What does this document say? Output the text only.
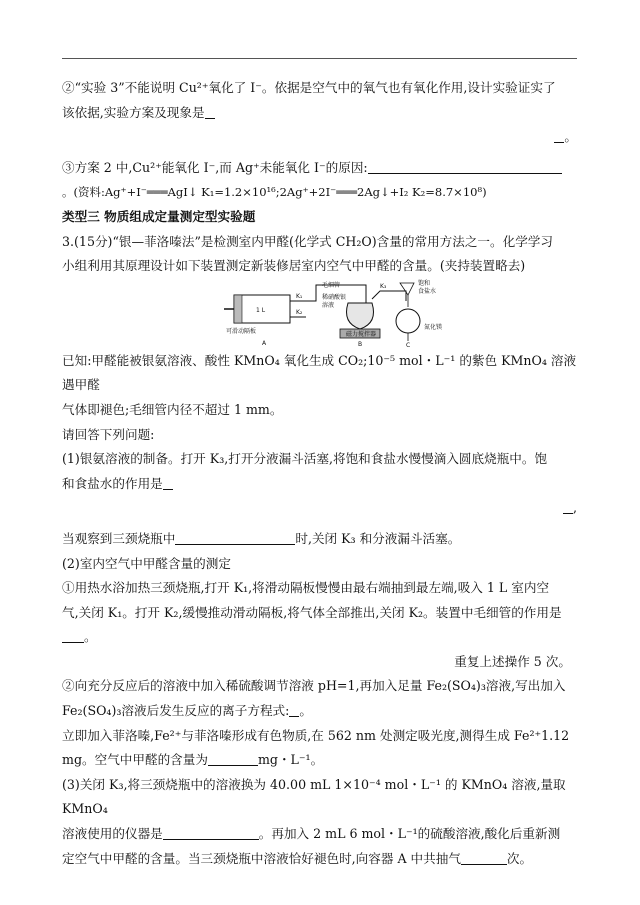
②“实验 3”不能说明 Cu²⁺氧化了 I⁻。依据是空气中的氧气也有氧化作用,设计实验证实了

该依据,实验方案及现象是

。

③方案 2 中,Cu²⁺能氧化 I⁻,而 Ag⁺未能氧化 I⁻的原因:

。(资料:Ag⁺+I⁻═══AgI↓ K₁=1.2×10¹⁶;2Ag⁺+2I⁻═══2Ag↓+I₂ K₂=8.7×10⁸)

类型三 物质组成定量测定型实验题

3.(15分)“银—菲洛嗪法”是检测室内甲醛(化学式 CH₂O)含量的常用方法之一。化学学习

小组利用其原理设计如下装置测定新装修居室内空气中甲醛的含量。(夹持装置略去)

1 L
K₁
K₂
可滑动隔板
A
毛细管
稀硝酸银
溶液
磁力搅拌器
B
K₃	饱和
食盐水
氮化镁
C

已知:甲醛能被银氨溶液、酸性 KMnO₄ 氧化生成 CO₂;10⁻⁵ mol・L⁻¹ 的紫色 KMnO₄ 溶液遇甲醛

气体即褪色;毛细管内径不超过 1 mm。

请回答下列问题:

(1)银氨溶液的制备。打开 K₃,打开分液漏斗活塞,将饱和食盐水慢慢滴入圆底烧瓶中。饱

和食盐水的作用是

,

当观察到三颈烧瓶中	时,关闭 K₃ 和分液漏斗活塞。

(2)室内空气中甲醛含量的测定

①用热水浴加热三颈烧瓶,打开 K₁,将滑动隔板慢慢由最右端抽到最左端,吸入 1 L 室内空

气,关闭 K₁。打开 K₂,缓慢推动滑动隔板,将气体全部推出,关闭 K₂。装置中毛细管的作用是。

重复上述操作 5 次。

②向充分反应后的溶液中加入稀硫酸调节溶液 pH=1,再加入足量 Fe₂(SO₄)₃溶液,写出加入

Fe₂(SO₄)₃溶液后发生反应的离子方程式: 。

立即加入菲洛嗪,Fe²⁺与菲洛嗪形成有色物质,在 562 nm 处测定吸光度,测得生成 Fe²⁺1.12

mg。空气中甲醛的含量为	mg・L⁻¹。

(3)关闭 K₃,将三颈烧瓶中的溶液换为 40.00 mL 1×10⁻⁴ mol・L⁻¹ 的 KMnO₄ 溶液,量取 KMnO₄

溶液使用的仪器是	。再加入 2 mL 6 mol・L⁻¹的硫酸溶液,酸化后重新测

定空气中甲醛的含量。当三颈烧瓶中溶液恰好褪色时,向容器 A 中共抽气	次。
